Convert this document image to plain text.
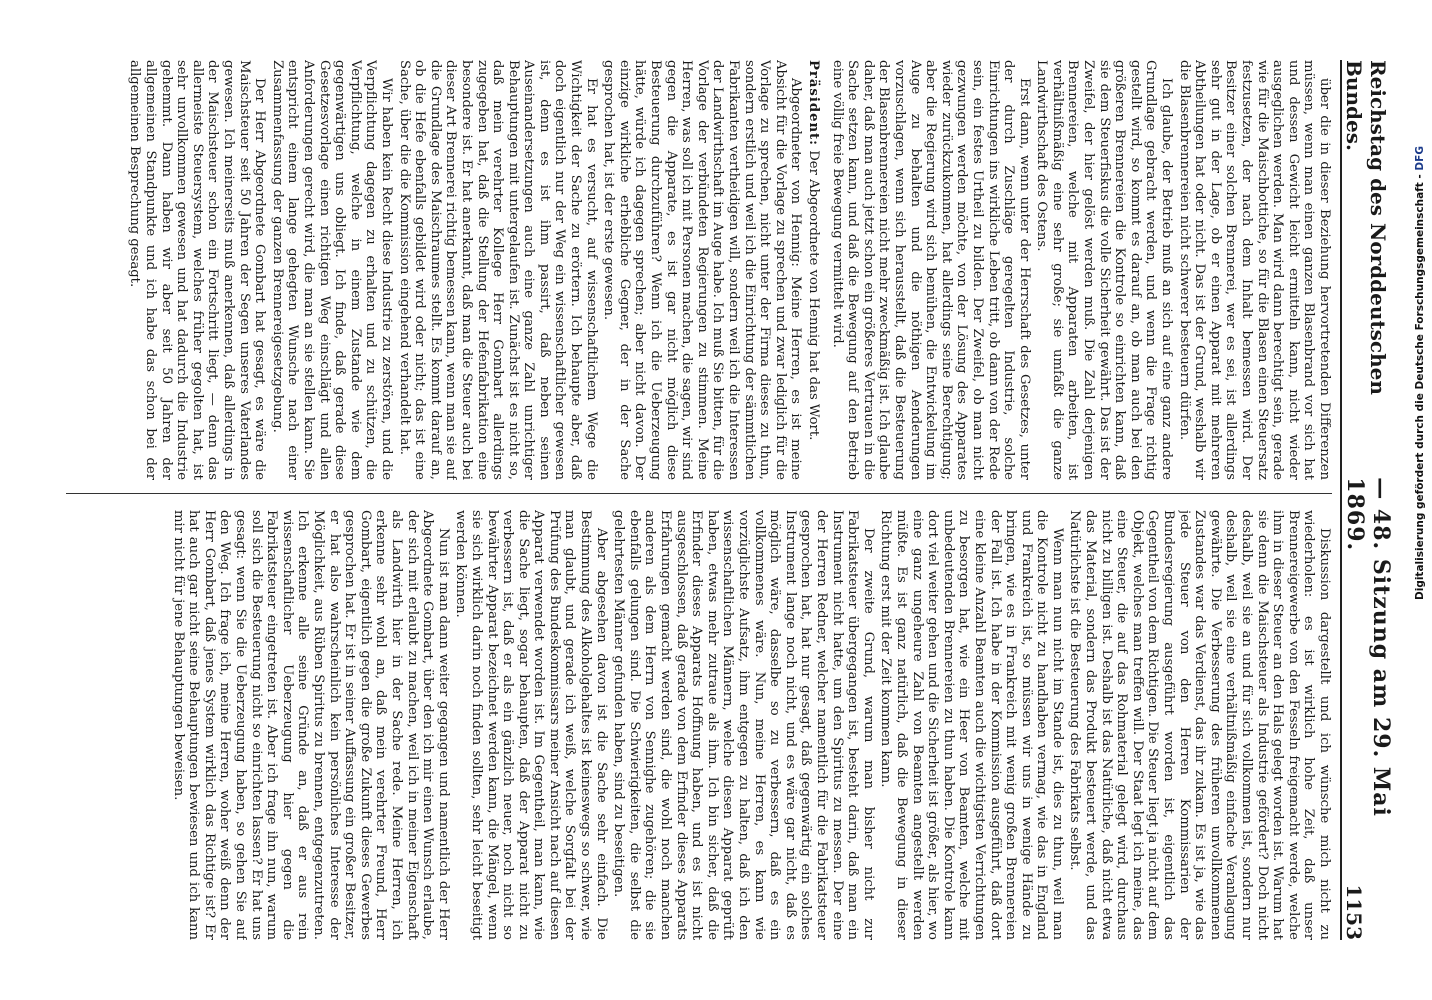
Reichstag des Norddeutschen Bundes.
— 48. Sitzung am 29. Mai 1869.
1153

über die in dieser Beziehung hervortretenden Differenzen müssen, wenn man einen ganzen Blasenbrand vor sich hat und dessen Gewicht leicht ermitteln kann, nicht wieder ausgeglichen werden. Man wird dann berechtigt sein, gerade wie für die Maischbottiche, so für die Blasen einen Steuersatz festzusetzen, der nach dem Inhalt bemessen wird. Der Besitzer einer solchen Brennerei, wer es sei, ist allerdings sehr gut in der Lage, ob er einen Apparat mit mehreren Abtheilungen hat oder nicht. Das ist der Grund, weshalb wir die Blasenbrennereien nicht schwerer besteuern dürfen.

Ich glaube, der Betrieb muß an sich auf eine ganz andere Grundlage gebracht werden, und wenn die Frage richtig gestellt wird, so kommt es darauf an, ob man auch bei den größeren Brennereien die Kontrole so einrichten kann, daß sie dem Steuerfiskus die volle Sicherheit gewährt. Das ist der Zweifel, der hier gelöst werden muß. Die Zahl derjenigen Brennereien, welche mit Apparaten arbeiten, ist verhältnißmäßig eine sehr große; sie umfaßt die ganze Landwirthschaft des Ostens.

Erst dann, wenn unter der Herrschaft des Gesetzes, unter der durch Zuschläge geregelten Industrie, solche Einrichtungen ins wirkliche Leben tritt, ob dann von der Rede sein, ein festes Urtheil zu bilden. Der Zweifel, ob man nicht gezwungen werden möchte, von der Lösung des Apparates wieder zurückzukommen, hat allerdings seine Berechtigung; aber die Regierung wird sich bemühen, die Entwickelung im Auge zu behalten und die nöthigen Aenderungen vorzuschlagen, wenn sich herausstellt, daß die Besteuerung der Blasenbrennereien nicht mehr zweckmäßig ist. Ich glaube daher, daß man auch jetzt schon ein größeres Vertrauen in die Sache setzen kann, und daß die Bewegung auf den Betrieb eine völlig freie Bewegung vermittelt wird.

Präsident: Der Abgeordnete von Hennig hat das Wort.

Abgeordneter von Hennig: Meine Herren, es ist meine Absicht für die Vorlage zu sprechen und zwar lediglich für die Vorlage zu sprechen, nicht unter der Firma dieses zu thun, sondern erstlich und weil ich die Einrichtung der sämmtlichen Fabrikanten vertheidigen will, sondern weil ich die Interessen der Landwirthschaft im Auge habe. Ich muß Sie bitten, für die Vorlage der verbündeten Regierungen zu stimmen. Meine Herren, was soll ich mit Personen machen, die sagen, wir sind gegen die Apparate, es ist gar nicht möglich diese Besteuerung durchzuführen? Wenn ich die Ueberzeugung hätte, würde ich dagegen sprechen; aber nicht davon. Der einzige wirkliche erhebliche Gegner, der in der Sache gesprochen hat, ist der erste gewesen.

Er hat es versucht, auf wissenschaftlichem Wege die Wichtigkeit der Sache zu erörtern. Ich behaupte aber, daß doch eigentlich nur der Weg ein wissenschaftlicher gewesen ist, denn es ist ihm passirt, daß neben seinen Auseinandersetzungen auch eine ganze Zahl unrichtiger Behauptungen mit untergelaufen ist. Zunächst ist es nicht so, daß mein verehrter Kollege Herr Gombart allerdings zugegeben hat, daß die Stellung der Hefenfabrikation eine besondere ist. Er hat anerkannt, daß man die Steuer auch bei dieser Art Brennerei richtig bemessen kann, wenn man sie auf die Grundlage des Maischraumes stellt. Es kommt darauf an, ob die Hefe ebenfalls gebildet wird oder nicht; das ist eine Sache, über die die Kommission eingehend verhandelt hat.

Wir haben kein Recht diese Industrie zu zerstören, und die Verpflichtung dagegen zu erhalten und zu schützen, die Verpflichtung, welche in einem Zustande wie dem gegenwärtigen uns obliegt. Ich finde, daß gerade diese Gesetzesvorlage einen richtigen Weg einschlägt und allen Anforderungen gerecht wird, die man an sie stellen kann. Sie entspricht einem lange gehegten Wunsche nach einer Zusammenfassung der ganzen Brennereigesetzgebung.

Der Herr Abgeordnete Gombart hat gesagt, es wäre die Maischsteuer seit 50 Jahren der Segen unseres Vaterlandes gewesen. Ich meinerseits muß anerkennen, daß allerdings in der Maischsteuer schon ein Fortschritt liegt, — denn das allermeiste Steuersystem, welches früher gegolten hat, ist sehr unvollkommen gewesen und hat dadurch die Industrie gehemmt. Dann haben wir aber seit 50 Jahren der allgemeinen Standpunkte und ich habe das schon bei der allgemeinen Besprechung gesagt.

Diskussion dargestellt und ich wünsche mich nicht zu wiederholen: es ist wirklich hohe Zeit, daß unser Brennereigewerbe von den Fesseln freigemacht werde, welche ihm in dieser Steuer an den Hals gelegt worden ist. Warum hat sie denn die Maischsteuer als Industrie gefördert? Doch nicht deshalb, weil sie an und für sich vollkommen ist, sondern nur deshalb, weil sie eine verhältnißmäßig einfache Veranlagung gewährte. Die Verbesserung des früheren unvollkommenen Zustandes war das Verdienst, das ihr zukam. Es ist ja, wie das jede Steuer von den Herren Kommissarien der Bundesregierung ausgeführt worden ist, eigentlich das Gegentheil von dem Richtigen. Die Steuer liegt ja nicht auf dem Objekt, welches man treffen will. Der Staat legt ich meine, das eine Steuer, die auf das Rohmaterial gelegt wird, durchaus nicht zu billigen ist. Deshalb ist das Natürliche, daß nicht etwa das Material, sondern das Produkt besteuert werde, und das Natürlichste ist die Besteuerung des Fabrikats selbst.

Wenn man nun nicht im Stande ist, dies zu thun, weil man die Kontrole nicht zu handhaben vermag, wie das in England und Frankreich ist, so müssen wir uns in wenige Hände zu bringen, wie es in Frankreich mit wenig großen Brennereien der Fall ist. Ich habe in der Kommission ausgeführt, daß dort eine kleine Anzahl Beamten auch die wichtigsten Verrichtungen zu besorgen hat, wie ein Heer von Beamten, welche mit unbedeutenden Brennereien zu thun haben. Die Kontrole kann dort viel weiter gehen und die Sicherheit ist größer, als hier, wo eine ganz ungeheure Zahl von Beamten angestellt werden müßte. Es ist ganz natürlich, daß die Bewegung in dieser Richtung erst mit der Zeit kommen kann.

Der zweite Grund, warum man bisher nicht zur Fabrikatsteuer übergegangen ist, besteht darin, daß man ein Instrument nicht hatte, um den Spiritus zu messen. Der eine der Herren Redner, welcher namentlich für die Fabrikatsteuer gesprochen hat, hat nur gesagt, daß gegenwärtig ein solches Instrument lange noch nicht, und es wäre gar nicht, daß es möglich wäre, dasselbe so zu verbessern, daß es ein vollkommenes wäre. Nun, meine Herren, es kann wie vorzüglichste Aufsatz, ihm entgegen zu halten, daß ich den wissenschaftlichen Männern, welche diesen Apparat geprüft haben, etwas mehr zutraue als ihm. Ich bin sicher, daß die Erfinder dieses Apparats Hoffnung haben, und es ist nicht ausgeschlossen, daß gerade von dem Erfinder dieses Apparats Erfahrungen gemacht werden sind, die wohl noch manchen anderen als dem Herrn von Sennighe zugehören; die sie ebenfalls gelungen sind. Die Schwierigkeiten, die selbst die gelehrtesten Männer gefunden haben, sind zu beseitigen.

Aber abgesehen davon ist die Sache sehr einfach. Die Bestimmung des Alkoholgehaltes ist keineswegs so schwer, wie man glaubt, und gerade ich weiß, welche Sorgfalt bei der Prüfung des Bundeskommissars meiner Ansicht nach auf diesen Apparat verwendet worden ist. Im Gegentheil, man kann, wie die Sache liegt, sogar behaupten, daß der Apparat nicht zu verbessern ist, daß er als ein gänzlich neuer, noch nicht so bewährter Apparat bezeichnet werden kann, die Mängel, wenn sie sich wirklich darin noch finden sollten, sehr leicht beseitigt werden können.

Nun ist man dann weiter gegangen und namentlich der Herr Abgeordnete Gombart, über den ich mir einen Wunsch erlaube, der sich mit erlaubt zu machen, weil ich in meiner Eigenschaft als Landwirth hier in der Sache rede. Meine Herren, ich erkenne sehr wohl an, daß mein verehrter Freund, Herr Gombart, eigentlich gegen die große Zukunft dieses Gewerbes gesprochen hat. Er ist in seiner Auffassung ein großer Besitzer, er hat also wahrscheinlich kein persönliches Interesse der Möglichkeit, aus Rüben Spiritus zu brennen, entgegenzutreten. Ich erkenne alle seine Gründe an, daß er aus rein wissenschaftlicher Ueberzeugung hier gegen die Fabrikatsteuer eingetreten ist. Aber ich frage ihn nun, warum soll sich die Besteuerung nicht so einrichten lassen? Er hat uns gesagt: wenn Sie die Ueberzeugung haben, so gehen Sie auf den Weg. Ich frage ich, meine Herren, woher weiß denn der Herr Gombart, daß jenes System wirklich das Richtige ist? Er hat auch gar nicht seine Behauptungen bewiesen und ich kann mir nicht für jene Behauptungen beweisen.

Digitalisierung gefördert durch die Deutsche Forschungsgemeinschaft - DFG
